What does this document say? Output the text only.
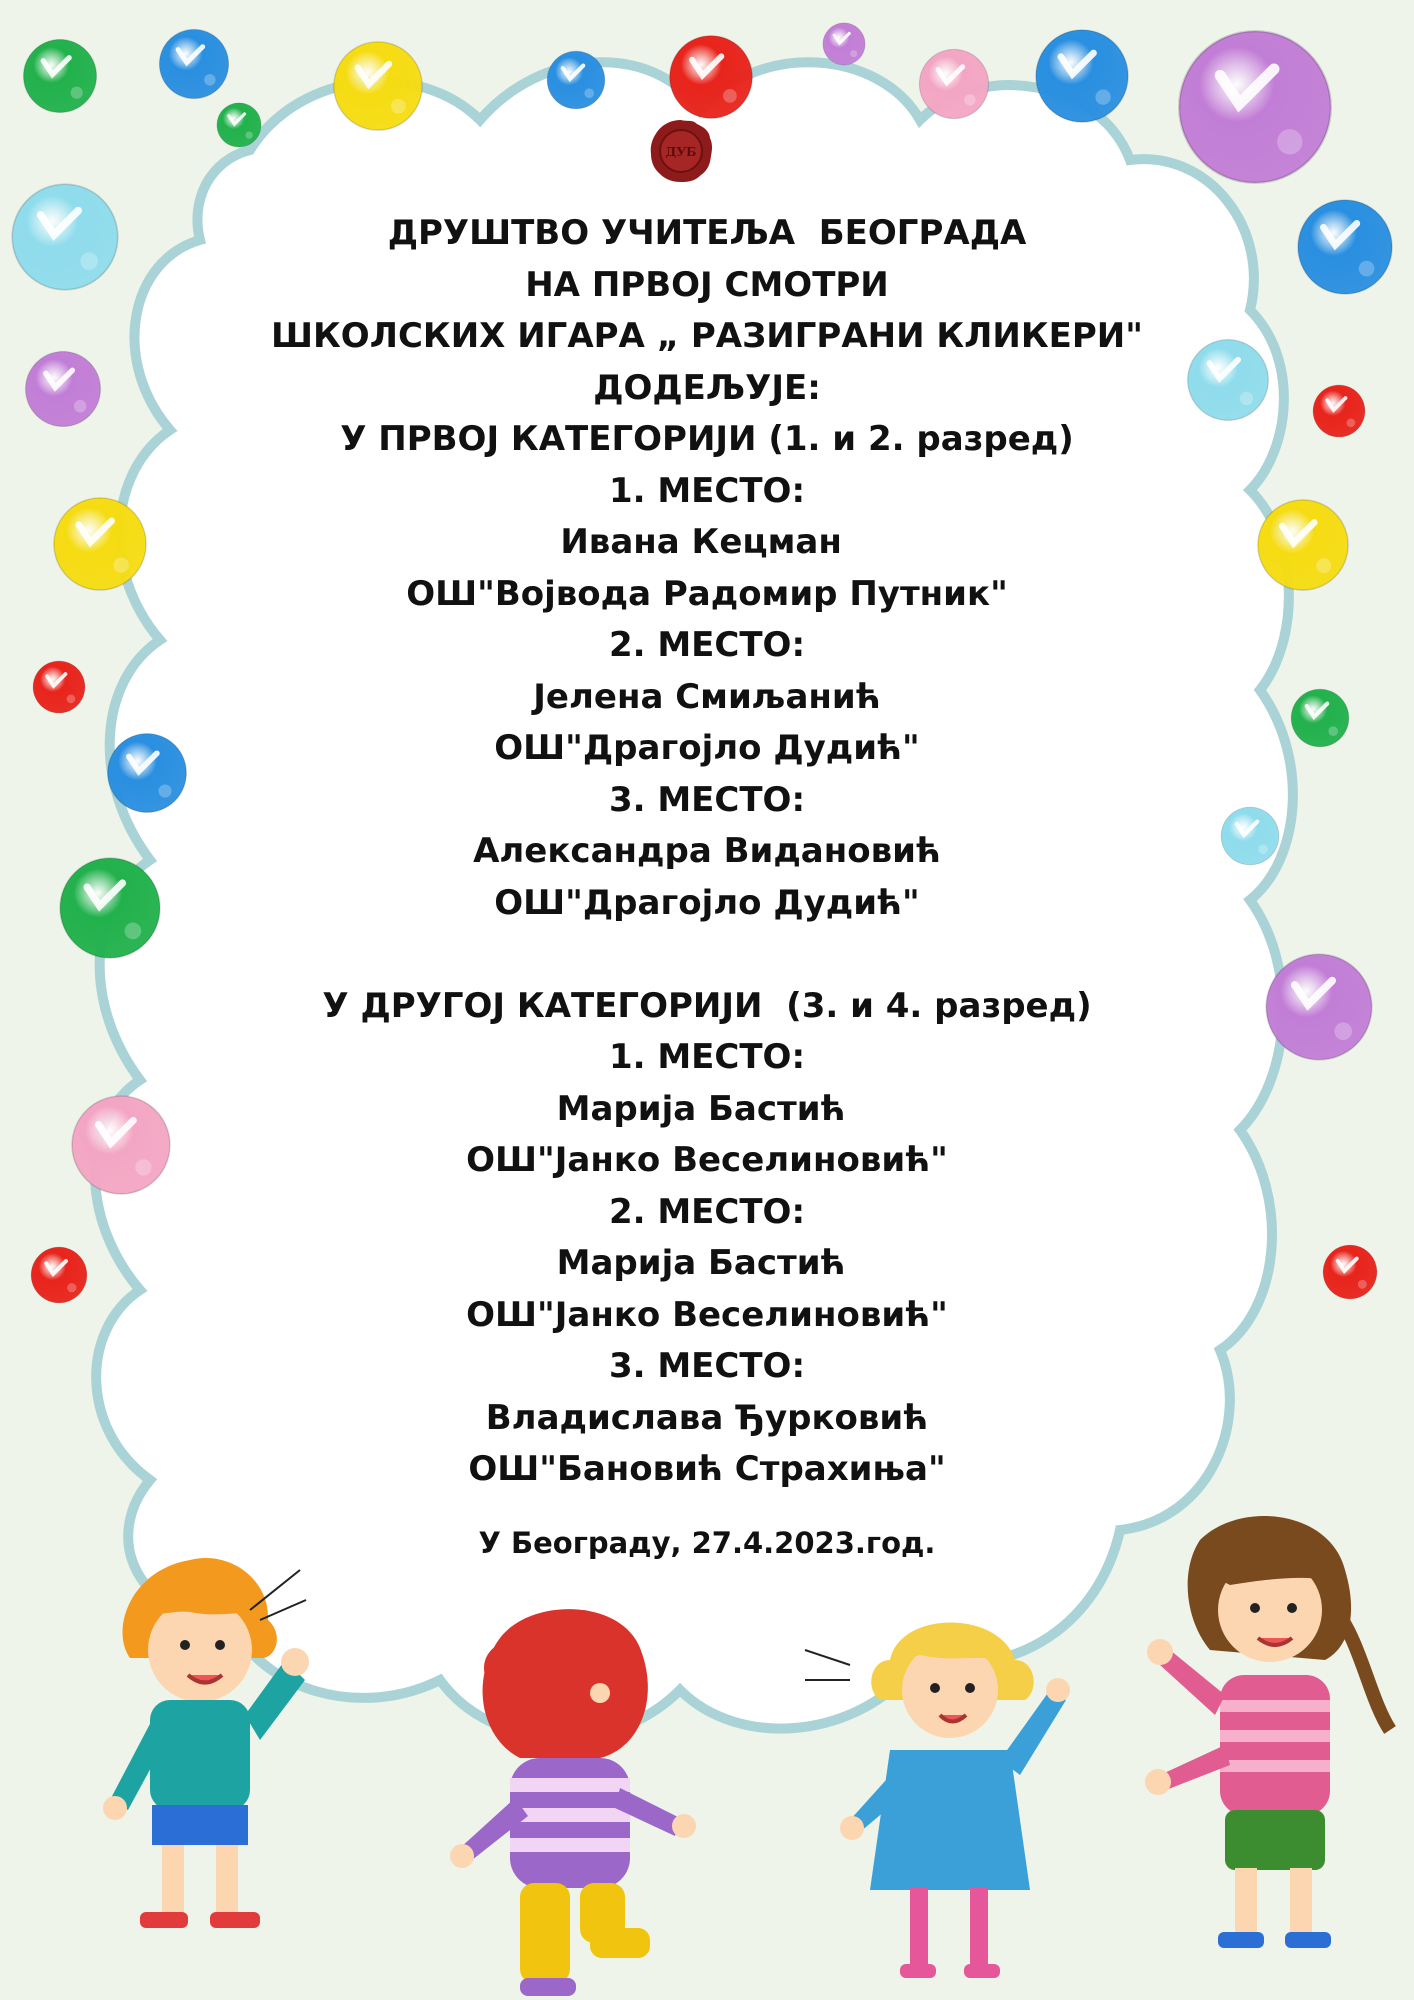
ДУБ
ДРУШТВО УЧИТЕЉА  БЕОГРАДА
НА ПРВОЈ СМОТРИ
ШКОЛСКИХ ИГАРА „ РАЗИГРАНИ КЛИКЕРИ"
ДОДЕЉУЈЕ:
У ПРВОЈ КАТЕГОРИЈИ (1. и 2. разред)
1. МЕСТО:
Ивана Кецман
ОШ"Војвода Радомир Путник"
2. МЕСТО:
Јелена Смиљанић
ОШ"Драгојло Дудић"
3. МЕСТО:
Александра Видановић
ОШ"Драгојло Дудић"
У ДРУГОЈ КАТЕГОРИЈИ  (3. и 4. разред)
1. МЕСТО:
Марија Бастић
ОШ"Јанко Веселиновић"
2. МЕСТО:
Марија Бастић
ОШ"Јанко Веселиновић"
3. МЕСТО:
Владислава Ђурковић
ОШ"Бановић Страхиња"
У Београду, 27.4.2023.год.
